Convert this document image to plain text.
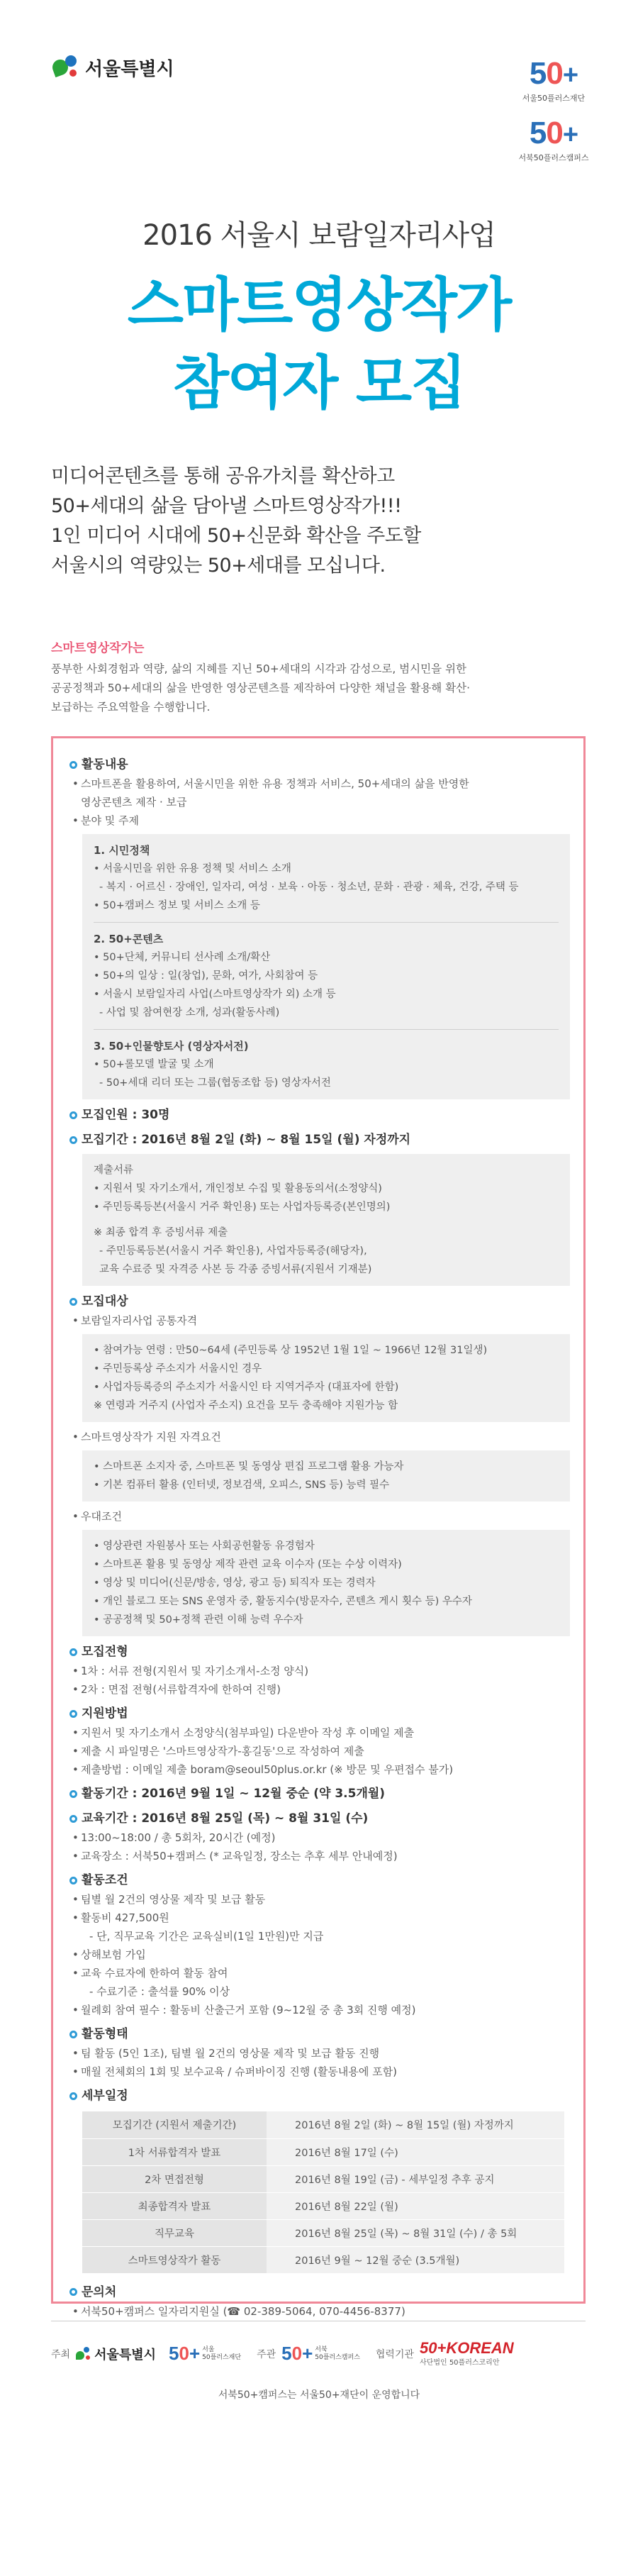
서울특별시	50+
서울50플러스재단
50+
서북50플러스캠퍼스
2016 서울시 보람일자리사업
스마트영상작가
참여자 모집

미디어콘텐츠를 통해 공유가치를 확산하고

50+세대의 삶을 담아낼 스마트영상작가!!!

1인 미디어 시대에 50+신문화 확산을 주도할

서울시의 역량있는 50+세대를 모십니다.

스마트영상작가는
풍부한 사회경험과 역량, 삶의 지혜를 지닌 50+세대의 시각과 감성으로, 범시민을 위한
공공정책과 50+세대의 삶을 반영한 영상콘텐츠를 제작하여 다양한 채널을 활용해 확산·
보급하는 주요역할을 수행합니다.
활동내용
• 스마트폰을 활용하여, 서울시민을 위한 유용 정책과 서비스, 50+세대의 삶을 반영한
영상콘텐츠 제작 · 보급
• 분야 및 주제
1. 시민정책
• 서울시민을 위한 유용 정책 및 서비스 소개
- 복지 · 어르신 · 장애인, 일자리, 여성 · 보육 · 아동 · 청소년, 문화 · 관광 · 체육, 건강, 주택 등
• 50+캠퍼스 정보 및 서비스 소개 등
2. 50+콘텐츠
• 50+단체, 커뮤니티 선사례 소개/확산
• 50+의 일상 : 일(창업), 문화, 여가, 사회참여 등
• 서울시 보람일자리 사업(스마트영상작가 외) 소개 등
- 사업 및 참여현장 소개, 성과(활동사례)
3. 50+인물향토사 (영상자서전)
• 50+롤모델 발굴 및 소개
- 50+세대 리더 또는 그룹(협동조합 등) 영상자서전
모집인원 : 30명
모집기간 : 2016년 8월 2일 (화) ~ 8월 15일 (월) 자정까지
제출서류
• 지원서 및 자기소개서, 개인정보 수집 및 활용동의서(소정양식)
• 주민등록등본(서울시 거주 확인용) 또는 사업자등록증(본인명의)
※ 최종 합격 후 증빙서류 제출
- 주민등록등본(서울시 거주 확인용), 사업자등록증(해당자),
교육 수료증 및 자격증 사본 등 각종 증빙서류(지원서 기재분)
모집대상
• 보람일자리사업 공통자격
• 참여가능 연령 : 만50~64세 (주민등록 상 1952년 1월 1일 ~ 1966년 12월 31일생)
• 주민등록상 주소지가 서울시인 경우
• 사업자등록증의 주소지가 서울시인 타 지역거주자 (대표자에 한함)
※ 연령과 거주지 (사업자 주소지) 요건을 모두 충족해야 지원가능 함
• 스마트영상작가 지원 자격요건
• 스마트폰 소지자 중, 스마트폰 및 동영상 편집 프로그램 활용 가능자
• 기본 컴퓨터 활용 (인터넷, 정보검색, 오피스, SNS 등) 능력 필수
• 우대조건
• 영상관련 자원봉사 또는 사회공헌활동 유경험자
• 스마트폰 활용 및 동영상 제작 관련 교육 이수자 (또는 수상 이력자)
• 영상 및 미디어(신문/방송, 영상, 광고 등) 퇴직자 또는 경력자
• 개인 블로그 또는 SNS 운영자 중, 활동지수(방문자수, 콘텐츠 게시 횟수 등) 우수자
• 공공정책 및 50+정책 관련 이해 능력 우수자
모집전형
• 1차 : 서류 전형(지원서 및 자기소개서-소정 양식)
• 2차 : 면접 전형(서류합격자에 한하여 진행)
지원방법
• 지원서 및 자기소개서 소정양식(첨부파일) 다운받아 작성 후 이메일 제출
• 제출 시 파일명은 '스마트영상작가-홍길동'으로 작성하여 제출
• 제출방법 : 이메일 제출 boram@seoul50plus.or.kr (※ 방문 및 우편접수 불가)
활동기간 : 2016년 9월 1일 ~ 12월 중순 (약 3.5개월)
교육기간 : 2016년 8월 25일 (목) ~ 8월 31일 (수)
• 13:00~18:00 / 총 5회차, 20시간 (예정)
• 교육장소 : 서북50+캠퍼스 (* 교육일정, 장소는 추후 세부 안내예정)
활동조건
• 팀별 월 2건의 영상물 제작 및 보급 활동
• 활동비 427,500원
- 단, 직무교육 기간은 교육실비(1일 1만원)만 지급
• 상해보험 가입
• 교육 수료자에 한하여 활동 참여
- 수료기준 : 출석률 90% 이상
• 월례회 참여 필수 : 활동비 산출근거 포함 (9~12월 중 총 3회 진행 예정)
활동형태
• 팀 활동 (5인 1조), 팀별 월 2건의 영상물 제작 및 보급 활동 진행
• 매월 전체회의 1회 및 보수교육 / 슈퍼바이징 진행 (활동내용에 포함)
세부일정
모집기간 (지원서 제출기간)	2016년 8월 2일 (화) ~ 8월 15일 (월) 자정까지
1차 서류합격자 발표	2016년 8월 17일 (수)
2차 면접전형	2016년 8월 19일 (금) - 세부일정 추후 공지
최종합격자 발표	2016년 8월 22일 (월)
직무교육	2016년 8월 25일 (목) ~ 8월 31일 (수) / 총 5회
스마트영상작가 활동	2016년 9월 ~ 12월 중순 (3.5개월)
문의처
• 서북50+캠퍼스 일자리지원실 (☎ 02-389-5064, 070-4456-8377)
주최 서울특별시 50+ 서울
50플러스재단 주관 50+ 서북
50플러스캠퍼스 협력기관 50+KOREAN
사단법인 50플러스코리안
서북50+캠퍼스는 서울50+재단이 운영합니다
